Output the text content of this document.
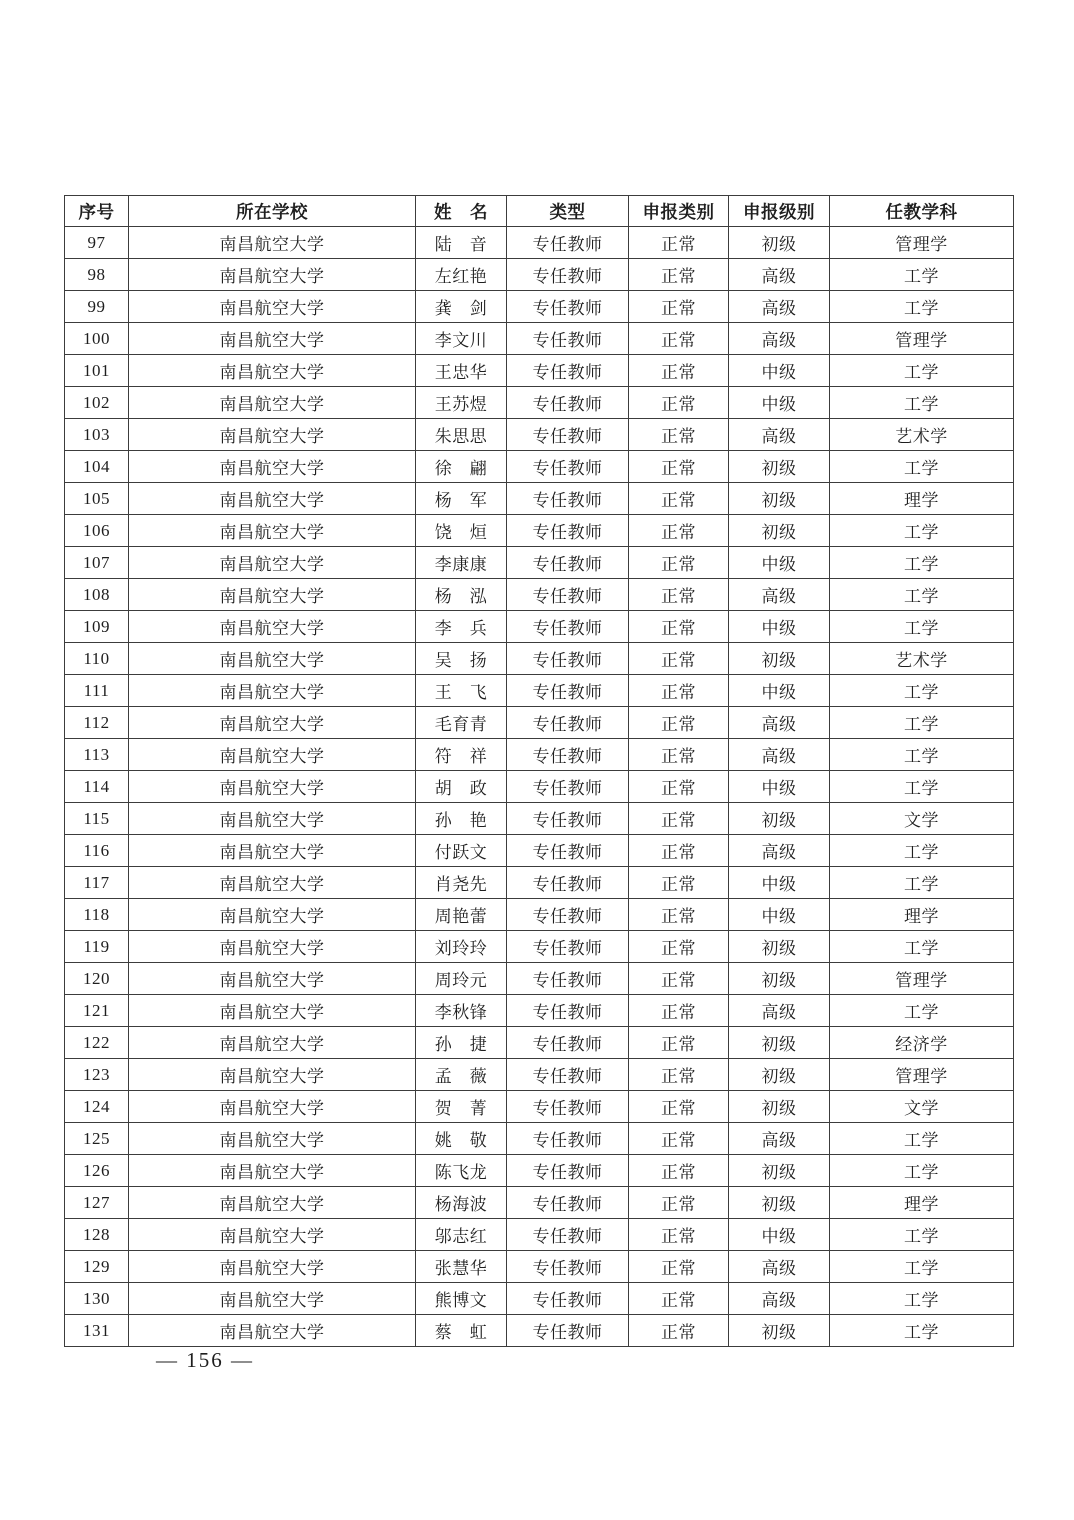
序号	所在学校	姓　名	类型	申报类别	申报级别	任教学科
97	南昌航空大学	陆　音	专任教师	正常	初级	管理学
98	南昌航空大学	左红艳	专任教师	正常	高级	工学
99	南昌航空大学	龚　剑	专任教师	正常	高级	工学
100	南昌航空大学	李文川	专任教师	正常	高级	管理学
101	南昌航空大学	王忠华	专任教师	正常	中级	工学
102	南昌航空大学	王苏煜	专任教师	正常	中级	工学
103	南昌航空大学	朱思思	专任教师	正常	高级	艺术学
104	南昌航空大学	徐　翩	专任教师	正常	初级	工学
105	南昌航空大学	杨　军	专任教师	正常	初级	理学
106	南昌航空大学	饶　烜	专任教师	正常	初级	工学
107	南昌航空大学	李康康	专任教师	正常	中级	工学
108	南昌航空大学	杨　泓	专任教师	正常	高级	工学
109	南昌航空大学	李　兵	专任教师	正常	中级	工学
110	南昌航空大学	吴　扬	专任教师	正常	初级	艺术学
111	南昌航空大学	王　飞	专任教师	正常	中级	工学
112	南昌航空大学	毛育青	专任教师	正常	高级	工学
113	南昌航空大学	符　祥	专任教师	正常	高级	工学
114	南昌航空大学	胡　政	专任教师	正常	中级	工学
115	南昌航空大学	孙　艳	专任教师	正常	初级	文学
116	南昌航空大学	付跃文	专任教师	正常	高级	工学
117	南昌航空大学	肖尧先	专任教师	正常	中级	工学
118	南昌航空大学	周艳蕾	专任教师	正常	中级	理学
119	南昌航空大学	刘玲玲	专任教师	正常	初级	工学
120	南昌航空大学	周玲元	专任教师	正常	初级	管理学
121	南昌航空大学	李秋锋	专任教师	正常	高级	工学
122	南昌航空大学	孙　捷	专任教师	正常	初级	经济学
123	南昌航空大学	孟　薇	专任教师	正常	初级	管理学
124	南昌航空大学	贺　菁	专任教师	正常	初级	文学
125	南昌航空大学	姚　敬	专任教师	正常	高级	工学
126	南昌航空大学	陈飞龙	专任教师	正常	初级	工学
127	南昌航空大学	杨海波	专任教师	正常	初级	理学
128	南昌航空大学	邬志红	专任教师	正常	中级	工学
129	南昌航空大学	张慧华	专任教师	正常	高级	工学
130	南昌航空大学	熊博文	专任教师	正常	高级	工学
131	南昌航空大学	蔡　虹	专任教师	正常	初级	工学
— 156 —
